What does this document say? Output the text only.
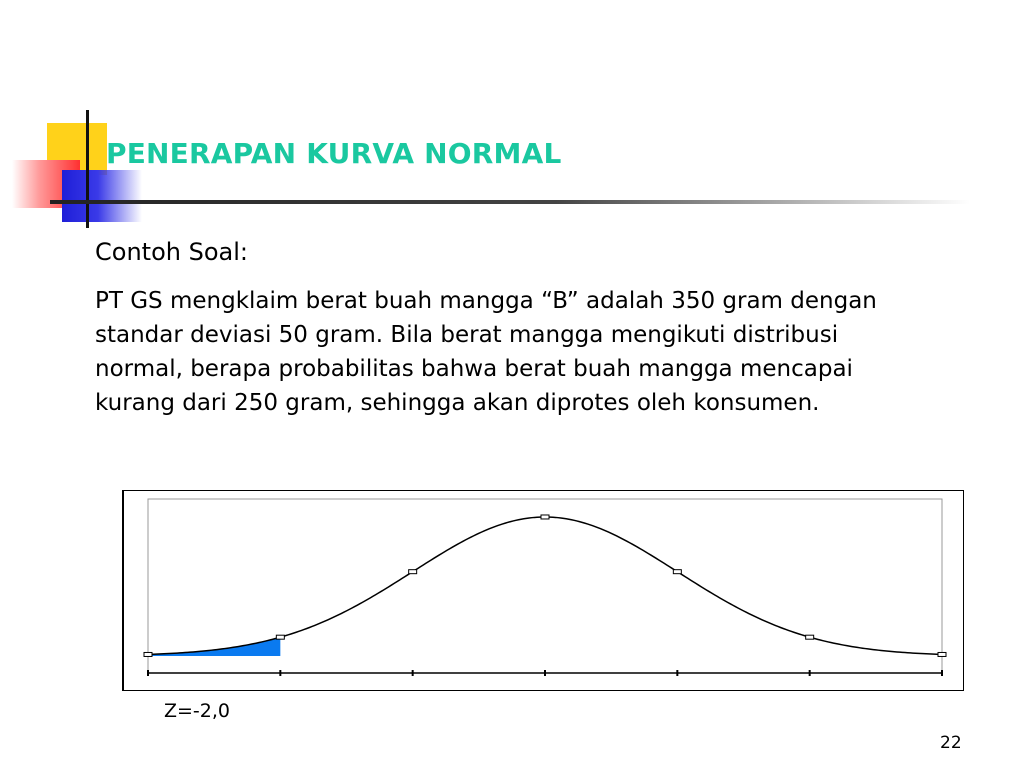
PENERAPAN KURVA NORMAL

Contoh Soal:

PT GS mengklaim berat buah mangga “B” adalah 350 gram dengan standar deviasi 50 gram. Bila berat mangga mengikuti distribusi normal, berapa probabilitas bahwa berat buah mangga mencapai kurang dari 250 gram, sehingga akan diprotes oleh konsumen.

Z=-2,0
22
